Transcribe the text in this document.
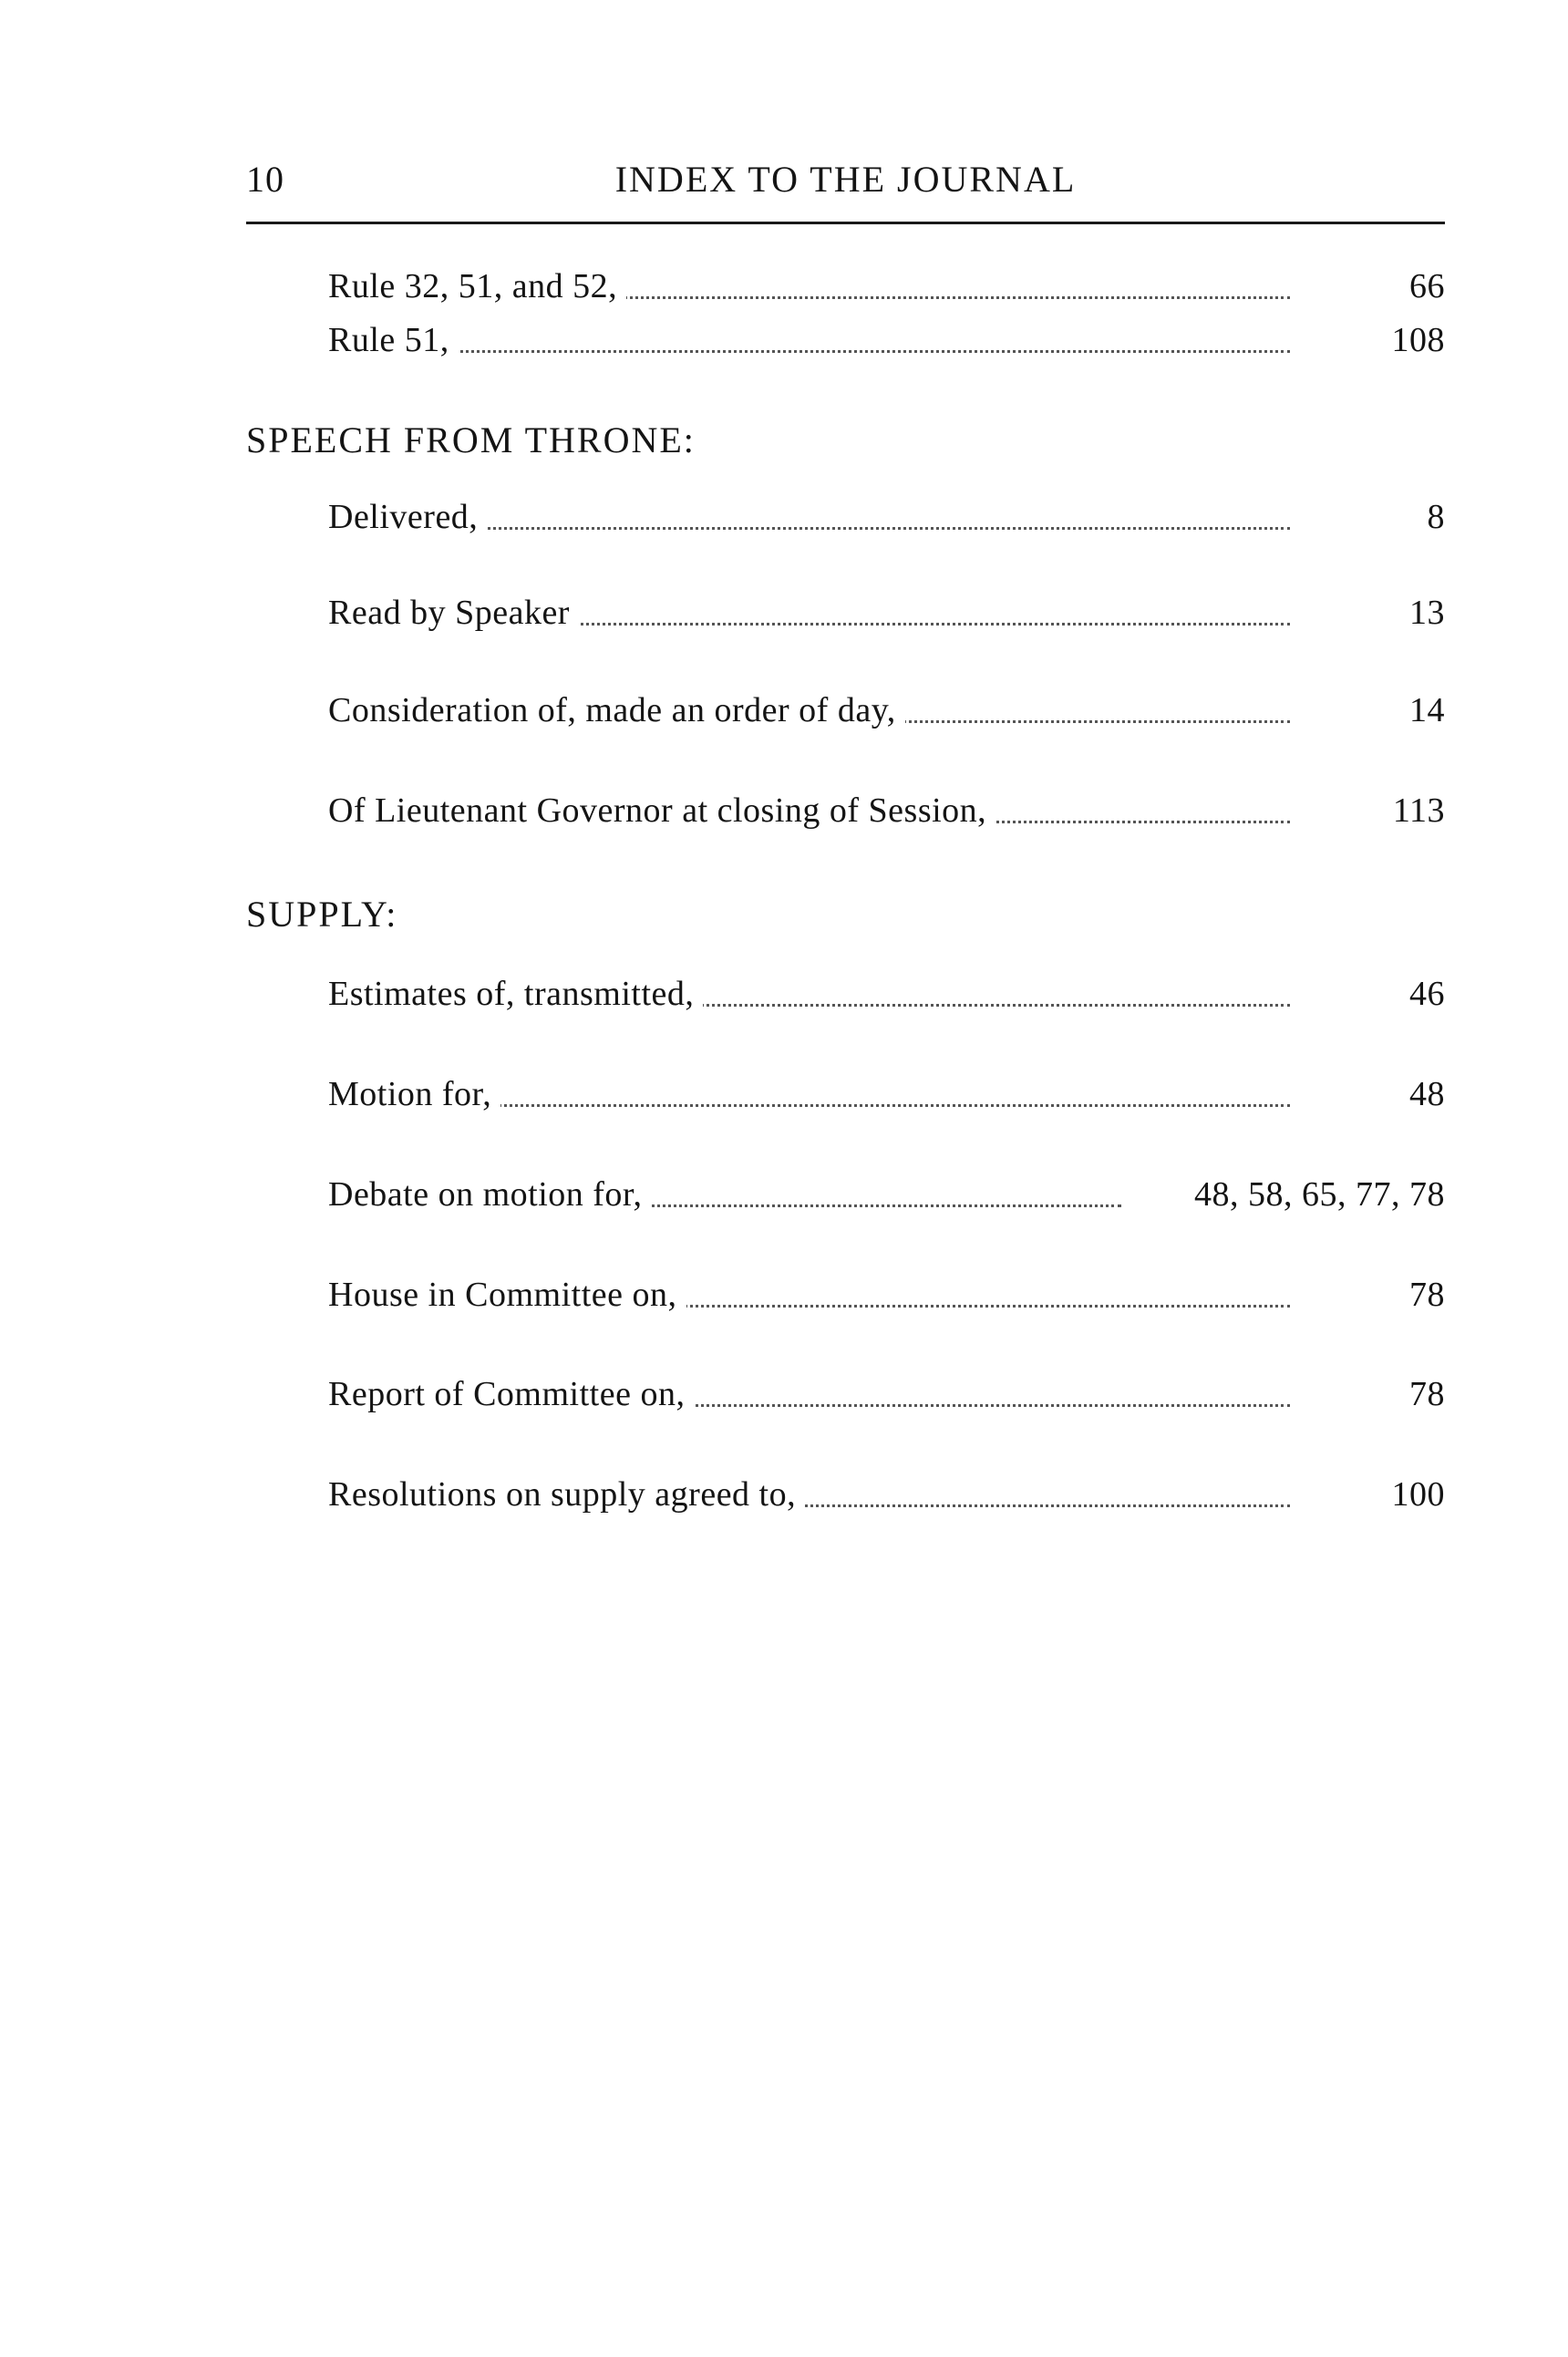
10	INDEX TO THE JOURNAL
Rule 32, 51, and 52,	66
Rule 51,	108
SPEECH FROM THRONE:
Delivered,	8
Read by Speaker	13
Consideration of, made an order of day,	14
Of Lieutenant Governor at closing of Session,	113
SUPPLY:
Estimates of, transmitted,	46
Motion for,	48
Debate on motion for,	48, 58, 65, 77, 78
House in Committee on,	78
Report of Committee on,	78
Resolutions on supply agreed to,	100
